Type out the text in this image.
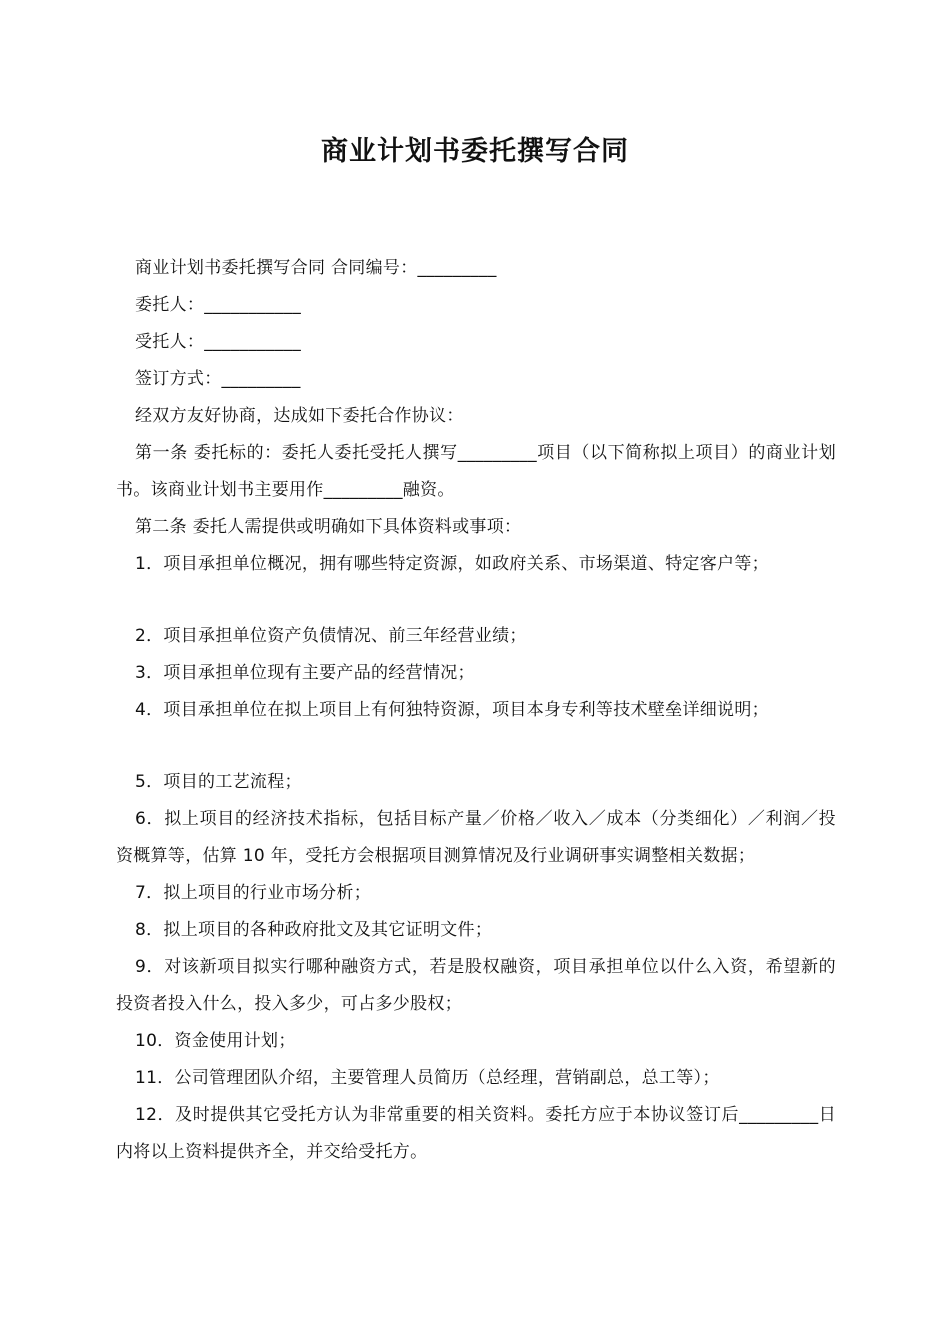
商业计划书委托撰写合同

商业计划书委托撰写合同 合同编号：_________

委托人：___________

受托人：___________

签订方式：_________

经双方友好协商，达成如下委托合作协议：

第一条 委托标的：委托人委托受托人撰写_________项目（以下简称拟上项目）的商业计划书。该商业计划书主要用作_________融资。

第二条 委托人需提供或明确如下具体资料或事项：

1．项目承担单位概况，拥有哪些特定资源，如政府关系、市场渠道、特定客户等；

2．项目承担单位资产负债情况、前三年经营业绩；

3．项目承担单位现有主要产品的经营情况；

4．项目承担单位在拟上项目上有何独特资源，项目本身专利等技术壁垒详细说明；

5．项目的工艺流程；

6．拟上项目的经济技术指标，包括目标产量／价格／收入／成本（分类细化）／利润／投资概算等，估算 10 年，受托方会根据项目测算情况及行业调研事实调整相关数据；

7．拟上项目的行业市场分析；

8．拟上项目的各种政府批文及其它证明文件；

9．对该新项目拟实行哪种融资方式，若是股权融资，项目承担单位以什么入资，希望新的投资者投入什么，投入多少，可占多少股权；

10．资金使用计划；

11．公司管理团队介绍，主要管理人员简历（总经理，营销副总，总工等）；

12．及时提供其它受托方认为非常重要的相关资料。委托方应于本协议签订后_________日内将以上资料提供齐全，并交给受托方。
